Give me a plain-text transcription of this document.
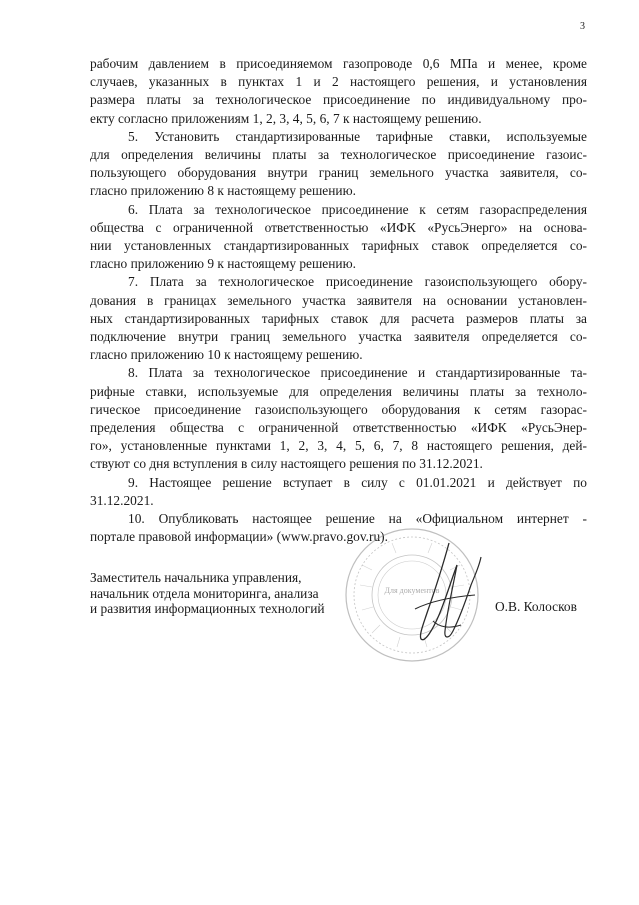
3

рабочим давлением в присоединяемом газопроводе 0,6 МПа и менее, кроме
случаев, указанных в пунктах 1 и 2 настоящего решения, и установления
размера платы за технологическое присоединение по индивидуальному про-
екту согласно приложениям 1, 2, 3, 4, 5, 6, 7 к настоящему решению.

5. Установить стандартизированные тарифные ставки, используемые
для определения величины платы за технологическое присоединение газоис-
пользующего оборудования внутри границ земельного участка заявителя, со-
гласно приложению 8 к настоящему решению.

6. Плата за технологическое присоединение к сетям газораспределения
общества с ограниченной ответственностью «ИФК «РусьЭнерго» на основа-
нии установленных стандартизированных тарифных ставок определяется со-
гласно приложению 9 к настоящему решению.

7. Плата за технологическое присоединение газоиспользующего обору-
дования в границах земельного участка заявителя на основании установлен-
ных стандартизированных тарифных ставок для расчета размеров платы за
подключение внутри границ земельного участка заявителя определяется со-
гласно приложению 10 к настоящему решению.

8. Плата за технологическое присоединение и стандартизированные та-
рифные ставки, используемые для определения величины платы за техноло-
гическое присоединение газоиспользующего оборудования к сетям газорас-
пределения общества с ограниченной ответственностью «ИФК «РусьЭнер-
го», установленные пунктами 1, 2, 3, 4, 5, 6, 7, 8 настоящего решения, дей-
ствуют со дня вступления в силу настоящего решения по 31.12.2021.

9. Настоящее решение вступает в силу с 01.01.2021 и действует по
31.12.2021.

10. Опубликовать настоящее решение на «Официальном интернет -
портале правовой информации» (www.pravo.gov.ru).

Для документов
Заместитель начальника управления,
начальник отдела мониторинга, анализа
и развития информационных технологий	О.В. Колосков
